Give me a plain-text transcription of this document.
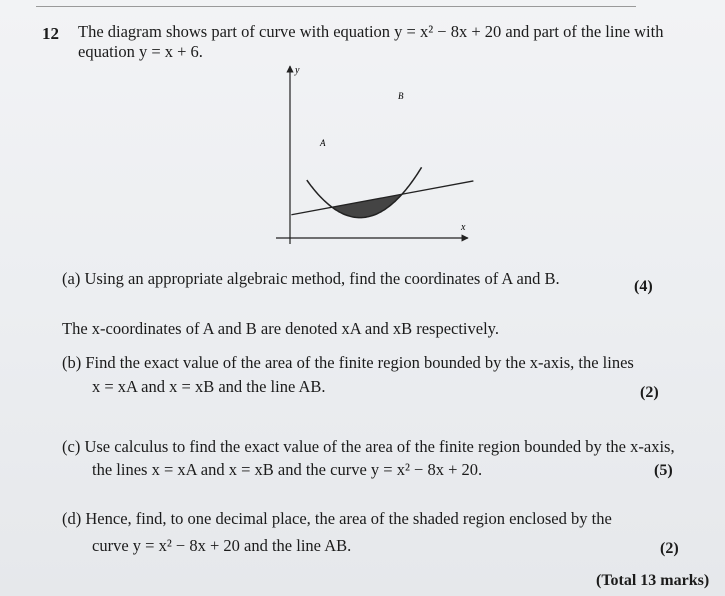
12 The diagram shows part of curve with equation y = x² − 8x + 20 and part of the line with
equation y = x + 6.
y
x
A
B
(a) Using an appropriate algebraic method, find the coordinates of A and B.	(4)
The x-coordinates of A and B are denoted xA and xB respectively.
(b) Find the exact value of the area of the finite region bounded by the x-axis, the lines
x = xA and x = xB and the line AB.	(2)
(c) Use calculus to find the exact value of the area of the finite region bounded by the x-axis,
the lines x = xA and x = xB and the curve y = x² − 8x + 20.	(5)
(d) Hence, find, to one decimal place, the area of the shaded region enclosed by the
curve y = x² − 8x + 20 and the line AB.	(2)
(Total 13 marks)
